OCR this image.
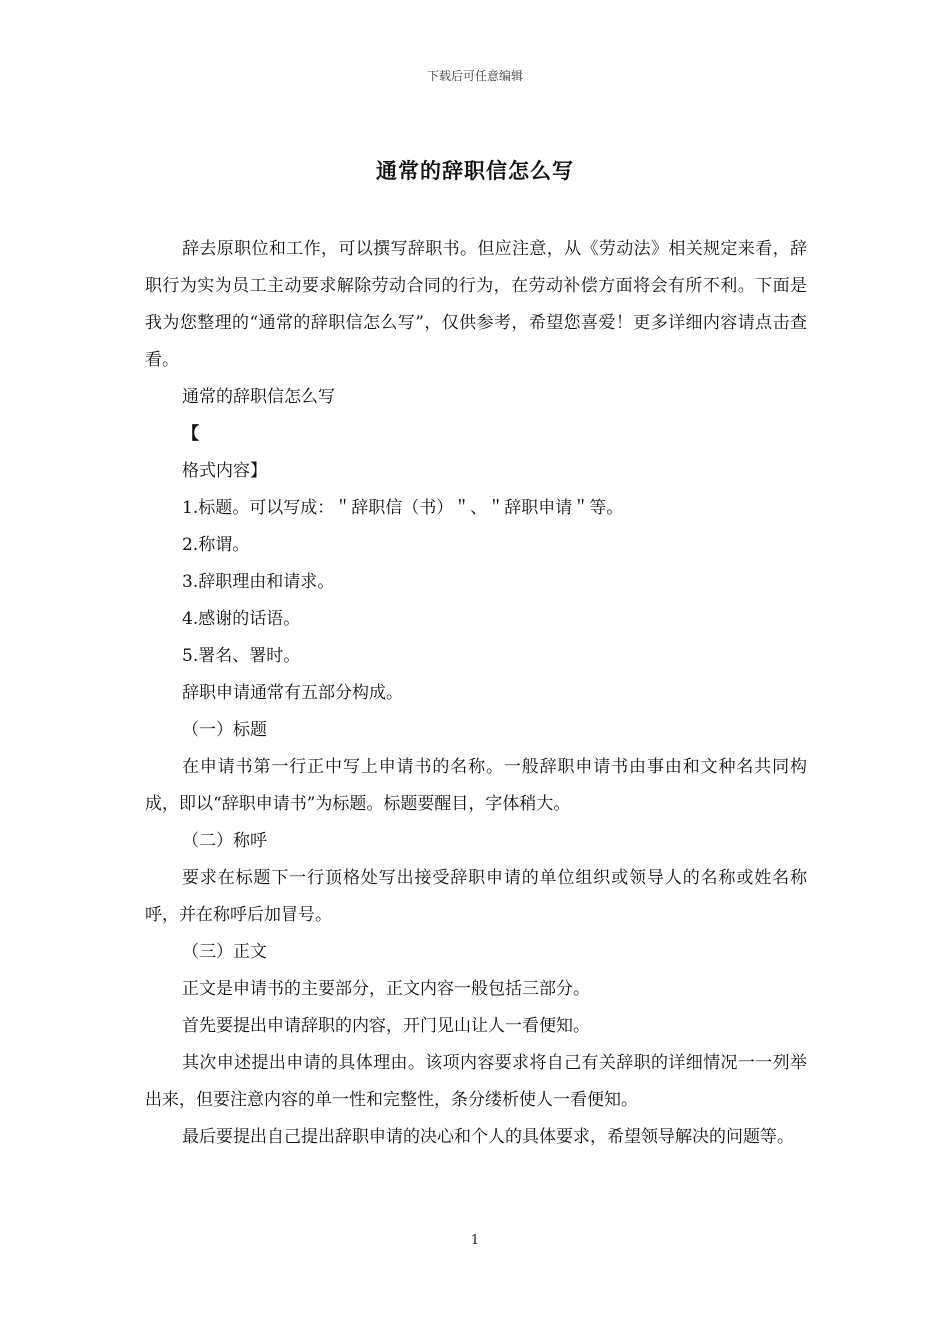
下载后可任意编辑
通常的辞职信怎么写

辞去原职位和工作，可以撰写辞职书。但应注意，从《劳动法》相关规定来看，辞职行为实为员工主动要求解除劳动合同的行为，在劳动补偿方面将会有所不利。下面是我为您整理的“通常的辞职信怎么写”，仅供参考，希望您喜爱！更多详细内容请点击查看。

通常的辞职信怎么写

【

格式内容】

1.标题。可以写成：＂辞职信（书）＂、＂辞职申请＂等。

2.称谓。

3.辞职理由和请求。

4.感谢的话语。

5.署名、署时。

辞职申请通常有五部分构成。

（一）标题

在申请书第一行正中写上申请书的名称。一般辞职申请书由事由和文种名共同构成，即以“辞职申请书”为标题。标题要醒目，字体稍大。

（二）称呼

要求在标题下一行顶格处写出接受辞职申请的单位组织或领导人的名称或姓名称呼，并在称呼后加冒号。

（三）正文

正文是申请书的主要部分，正文内容一般包括三部分。

首先要提出申请辞职的内容，开门见山让人一看便知。

其次申述提出申请的具体理由。该项内容要求将自己有关辞职的详细情况一一列举出来，但要注意内容的单一性和完整性，条分缕析使人一看便知。

最后要提出自己提出辞职申请的决心和个人的具体要求，希望领导解决的问题等。

1
